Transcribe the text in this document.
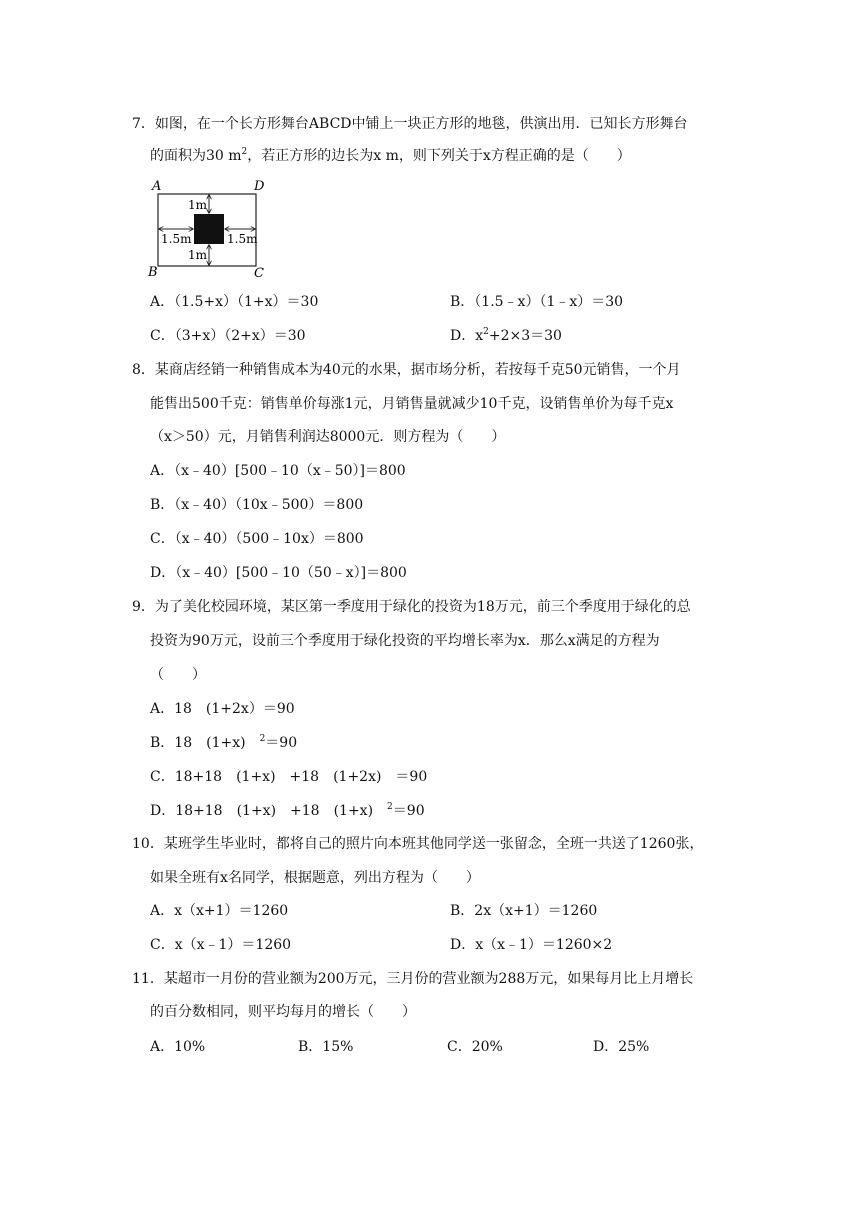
7．如图，在一个长方形舞台ABCD中铺上一块正方形的地毯，供演出用．已知长方形舞台
的面积为30 $m^2$，若正方形的边长为x m，则下列关于x方程正确的是（　　）
A	D
B	C
1m
1m
1.5m	1.5m
A．（1.5+x）（1+x）＝30	B．（1.5﹣x）（1﹣x）＝30
C．（3+x）（2+x）＝30	D．$x^2+2\times 3=30$
8．某商店经销一种销售成本为40元的水果，据市场分析，若按每千克50元销售，一个月
能售出500千克：销售单价每涨1元，月销售量就减少10千克，设销售单价为每千克x
（x＞50）元，月销售利润达8000元．则方程为（　　）
A．（x﹣40）[500﹣10（x﹣50）]＝800
B．（x﹣40）（10x﹣500）＝800
C．（x﹣40）（500﹣10x）＝800
D．（x﹣40）[500﹣10（50﹣x）]＝800
9．为了美化校园环境，某区第一季度用于绿化的投资为18万元，前三个季度用于绿化的总
投资为90万元，设前三个季度用于绿化投资的平均增长率为x．那么x满足的方程为
（　　）
A．18　(1+2x）＝90
B．18　(1+x)　$^2$＝90
C．18+18　(1+x)　+18　(1+2x)　＝90
D．18+18　(1+x)　+18　(1+x)　$^2$＝90
10．某班学生毕业时，都将自己的照片向本班其他同学送一张留念，全班一共送了1260张，
如果全班有x名同学，根据题意，列出方程为（　　）
A．x（x+1）＝1260	B．2x（x+1）＝1260
C．x（x﹣1）＝1260	D．x（x﹣1）＝1260×2
11．某超市一月份的营业额为200万元，三月份的营业额为288万元，如果每月比上月增长
的百分数相同，则平均每月的增长（　　）
A．10%	B．15%	C．20%	D．25%
